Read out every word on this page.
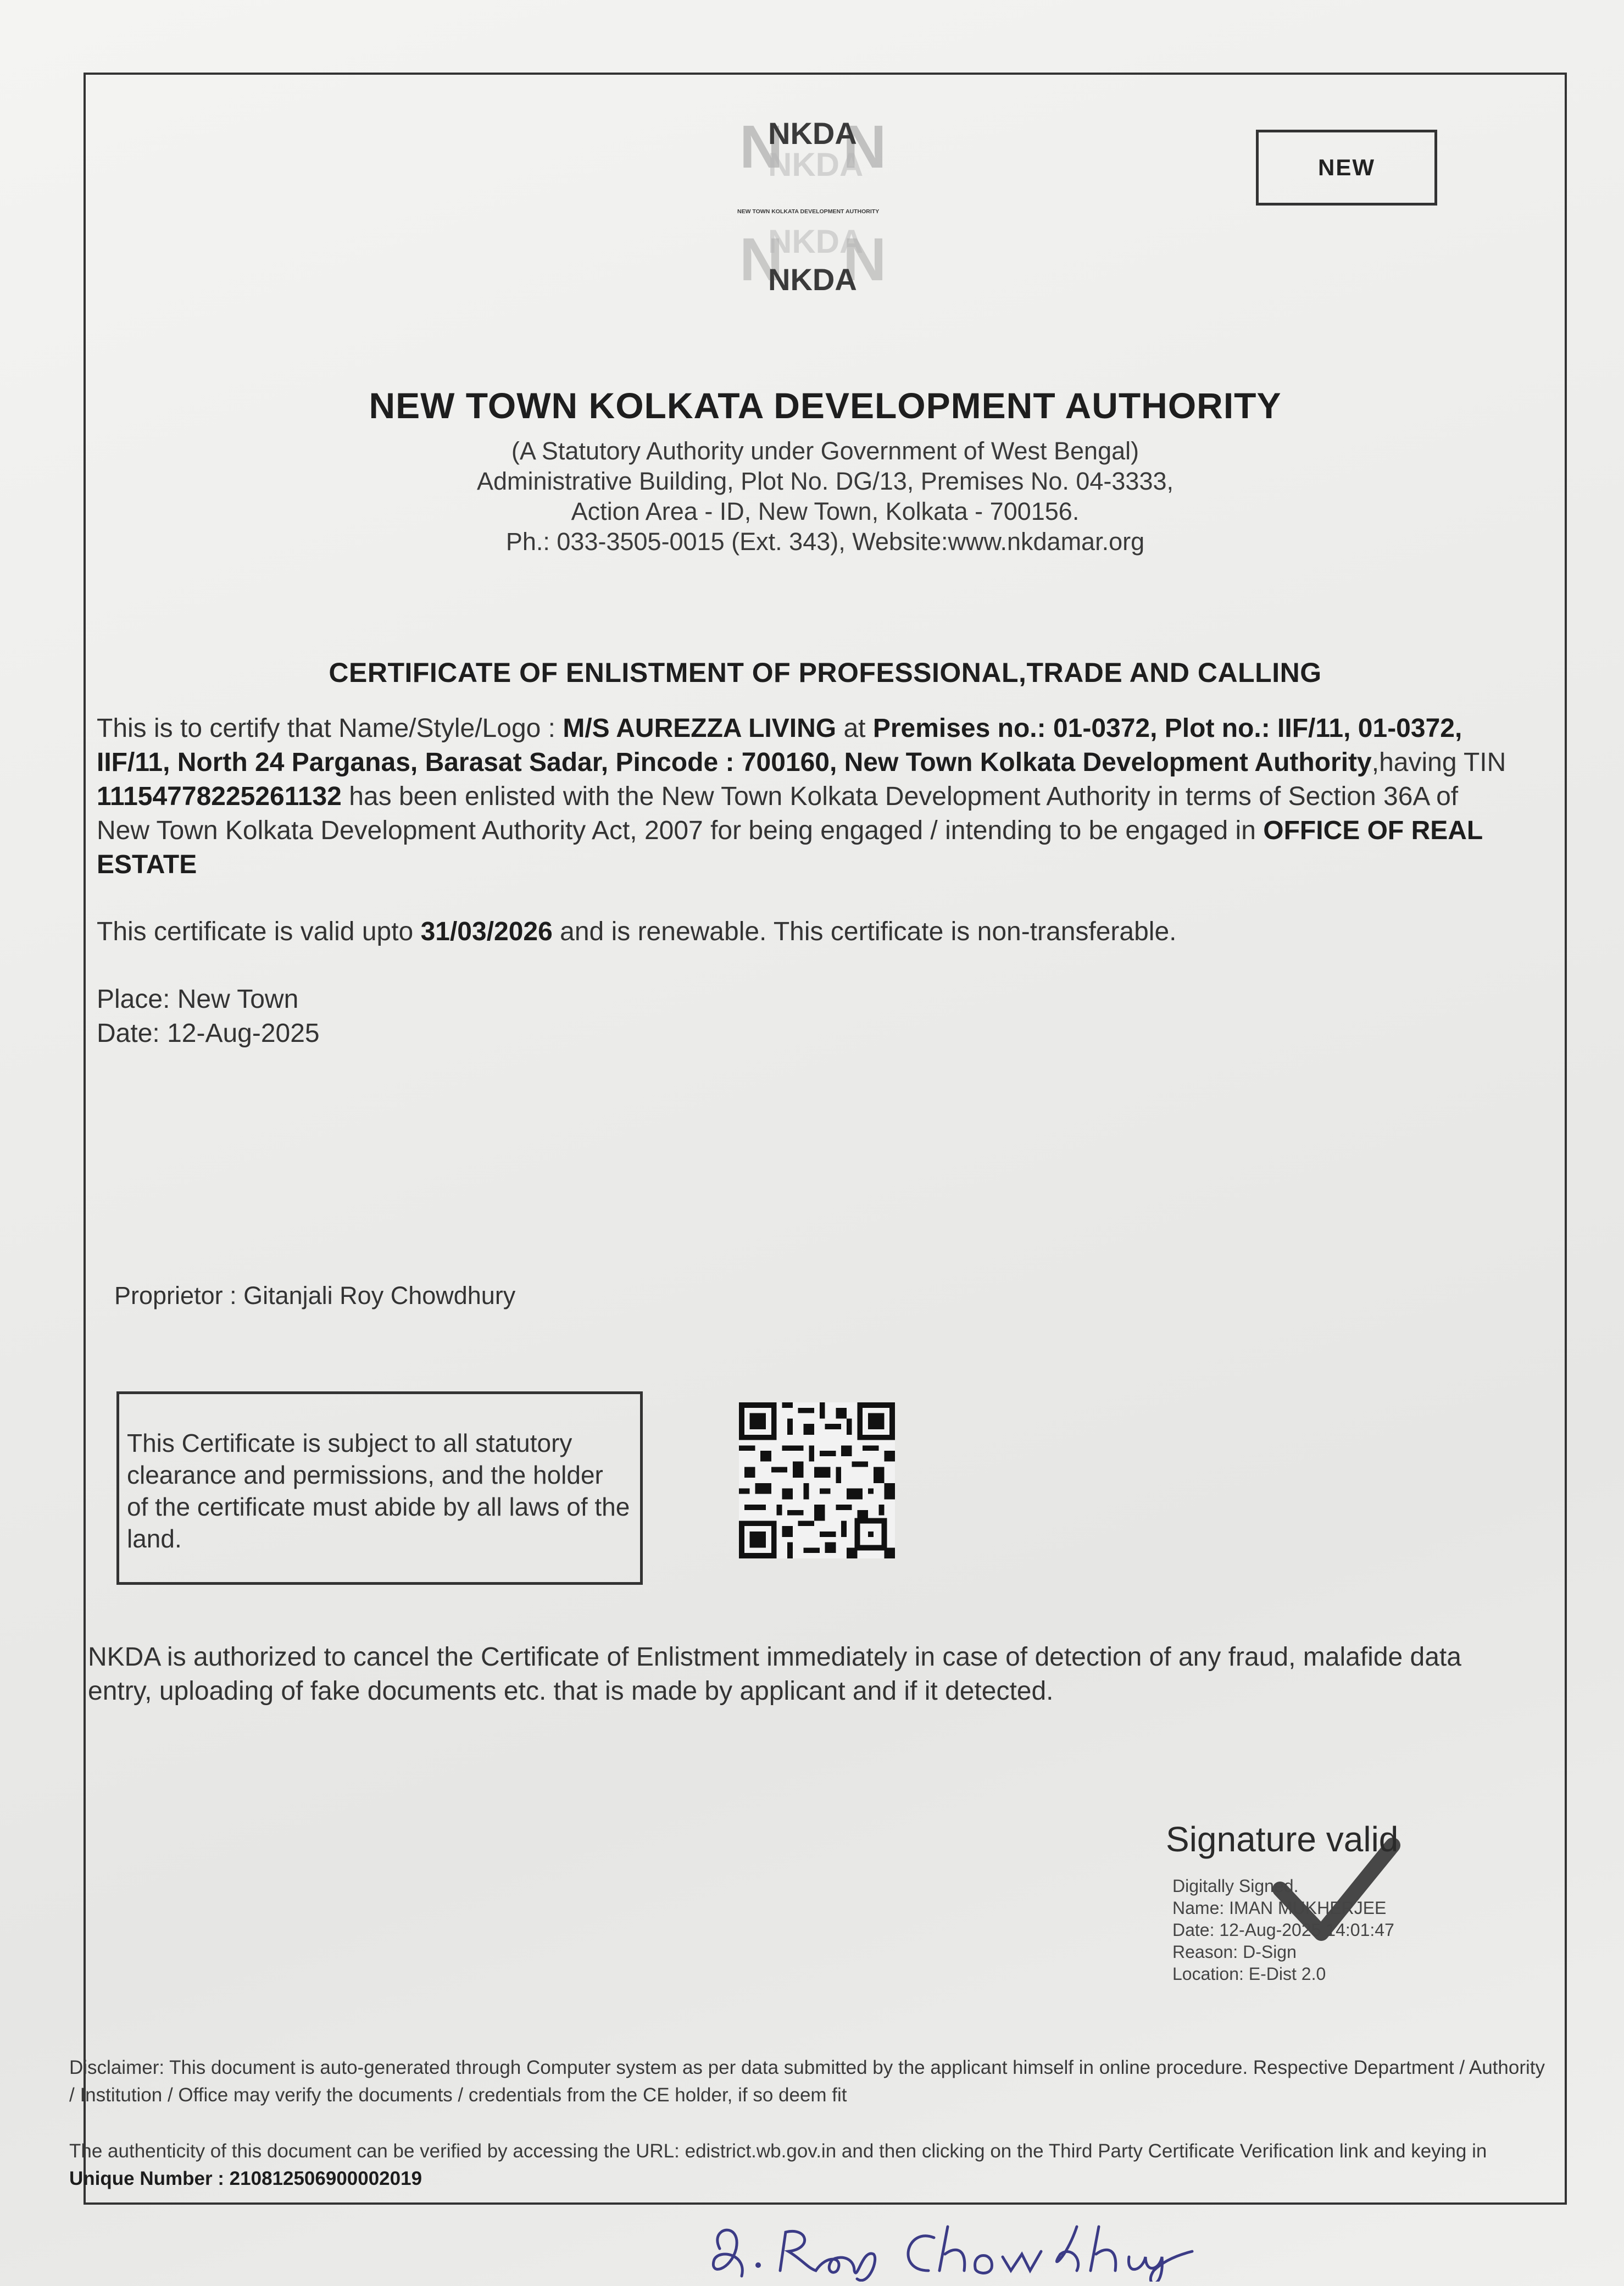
N N
N N
NKDA
NKDA
NKDA
NEW TOWN KOLKATA DEVELOPMENT AUTHORITY
NKDA
NEW
NEW TOWN KOLKATA DEVELOPMENT AUTHORITY
(A Statutory Authority under Government of West Bengal)
Administrative Building, Plot No. DG/13, Premises No. 04-3333,
Action Area - ID, New Town, Kolkata - 700156.
Ph.: 033-3505-0015 (Ext. 343), Website:www.nkdamar.org
CERTIFICATE OF ENLISTMENT OF PROFESSIONAL,TRADE AND CALLING
This is to certify that Name/Style/Logo : M/S AUREZZA LIVING at Premises no.: 01-0372, Plot no.: IIF/11, 01-0372, IIF/11, North 24 Parganas, Barasat Sadar, Pincode : 700160, New Town Kolkata Development Authority,having TIN 11154778225261132 has been enlisted with the New Town Kolkata Development Authority in terms of Section 36A of New Town Kolkata Development Authority Act, 2007 for being engaged / intending to be engaged in OFFICE OF REAL ESTATE
This certificate is valid upto 31/03/2026 and is renewable. This certificate is non-transferable.
Place: New Town
Date: 12-Aug-2025
Proprietor : Gitanjali Roy Chowdhury
This Certificate is subject to all statutory clearance and permissions, and the holder of the certificate must abide by all laws of the land.
NKDA is authorized to cancel the Certificate of Enlistment immediately in case of detection of any fraud, malafide data entry, uploading of fake documents etc. that is made by applicant and if it detected.
Signature valid
Digitally Signed.
Name: IMAN MUKHERJEE
Date: 12-Aug-2025 14:01:47
Reason: D-Sign
Location: E-Dist 2.0
Disclaimer: This document is auto-generated through Computer system as per data submitted by the applicant himself in online procedure. Respective Department / Authority / Institution / Office may verify the documents / credentials from the CE holder, if so deem fit
The authenticity of this document can be verified by accessing the URL: edistrict.wb.gov.in and then clicking on the Third Party Certificate Verification link and keying in Unique Number : 210812506900002019
